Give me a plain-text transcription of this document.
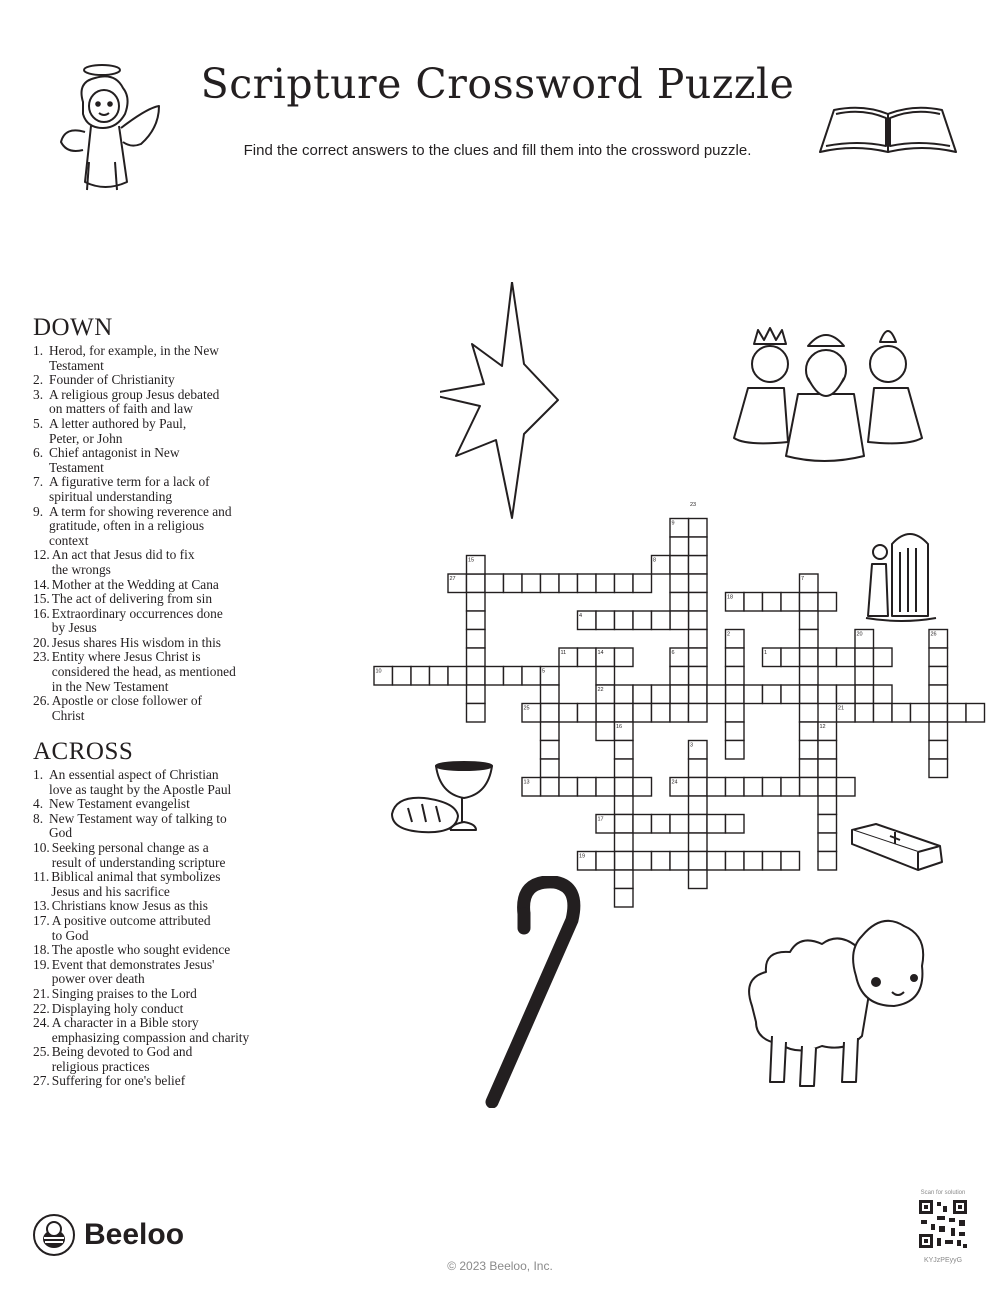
Scripture Crossword Puzzle
Find the correct answers to the clues and fill them into the crossword puzzle.
DOWN
1. Herod, for example, in the New
Testament
2. Founder of Christianity
3. A religious group Jesus debated
on matters of faith and law
5. A letter authored by Paul,
Peter, or John
6. Chief antagonist in New
Testament
7. A figurative term for a lack of
spiritual understanding
9. A term for showing reverence and
gratitude, often in a religious
context
12. An act that Jesus did to fix
the wrongs
14. Mother at the Wedding at Cana
15. The act of delivering from sin
16. Extraordinary occurrences done
by Jesus
20. Jesus shares His wisdom in this
23. Entity where Jesus Christ is
considered the head, as mentioned
in the New Testament
26. Apostle or close follower of
Christ
ACROSS
1. An essential aspect of Christian
love as taught by the Apostle Paul
4. New Testament evangelist
8. New Testament way of talking to
God
10. Seeking personal change as a
result of understanding scripture
11. Biblical animal that symbolizes
Jesus and his sacrifice
13. Christians know Jesus as this
17. A positive outcome attributed
to God
18. The apostle who sought evidence
19. Event that demonstrates Jesus'
power over death
21. Singing praises to the Lord
22. Displaying holy conduct
24. A character in a Bible story
emphasizing compassion and charity
25. Being devoted to God and
religious practices
27. Suffering for one's belief
1
2
3
4
5
6
7
8
9
10
11
12
13
14
15
16
17
18
19
20
21
22
23
24
25
26
27
Beeloo
© 2023 Beeloo, Inc.
Scan for solution
KYJzPEyyG
